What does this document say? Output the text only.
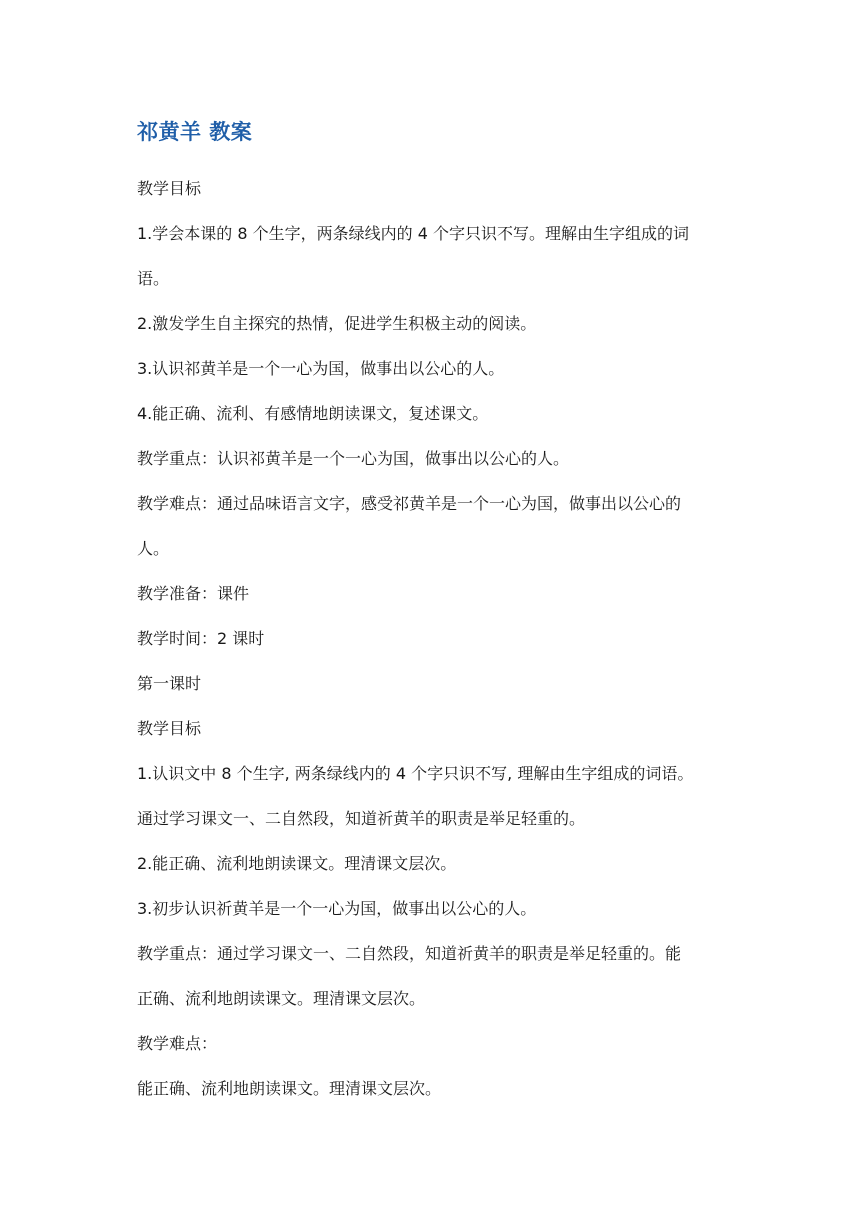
祁黄羊 教案
教学目标
1.学会本课的 8 个生字，两条绿线内的 4 个字只识不写。理解由生字组成的词
语。
2.激发学生自主探究的热情，促进学生积极主动的阅读。
3.认识祁黄羊是一个一心为国，做事出以公心的人。
4.能正确、流利、有感情地朗读课文，复述课文。
教学重点：认识祁黄羊是一个一心为国，做事出以公心的人。
教学难点：通过品味语言文字，感受祁黄羊是一个一心为国，做事出以公心的
人。
教学准备：课件
教学时间：2 课时
第一课时
教学目标
1.认识文中 8 个生字, 两条绿线内的 4 个字只识不写, 理解由生字组成的词语。
通过学习课文一、二自然段，知道祈黄羊的职责是举足轻重的。
2.能正确、流利地朗读课文。理清课文层次。
3.初步认识祈黄羊是一个一心为国，做事出以公心的人。
教学重点：通过学习课文一、二自然段，知道祈黄羊的职责是举足轻重的。能
正确、流利地朗读课文。理清课文层次。
教学难点：
能正确、流利地朗读课文。理清课文层次。
